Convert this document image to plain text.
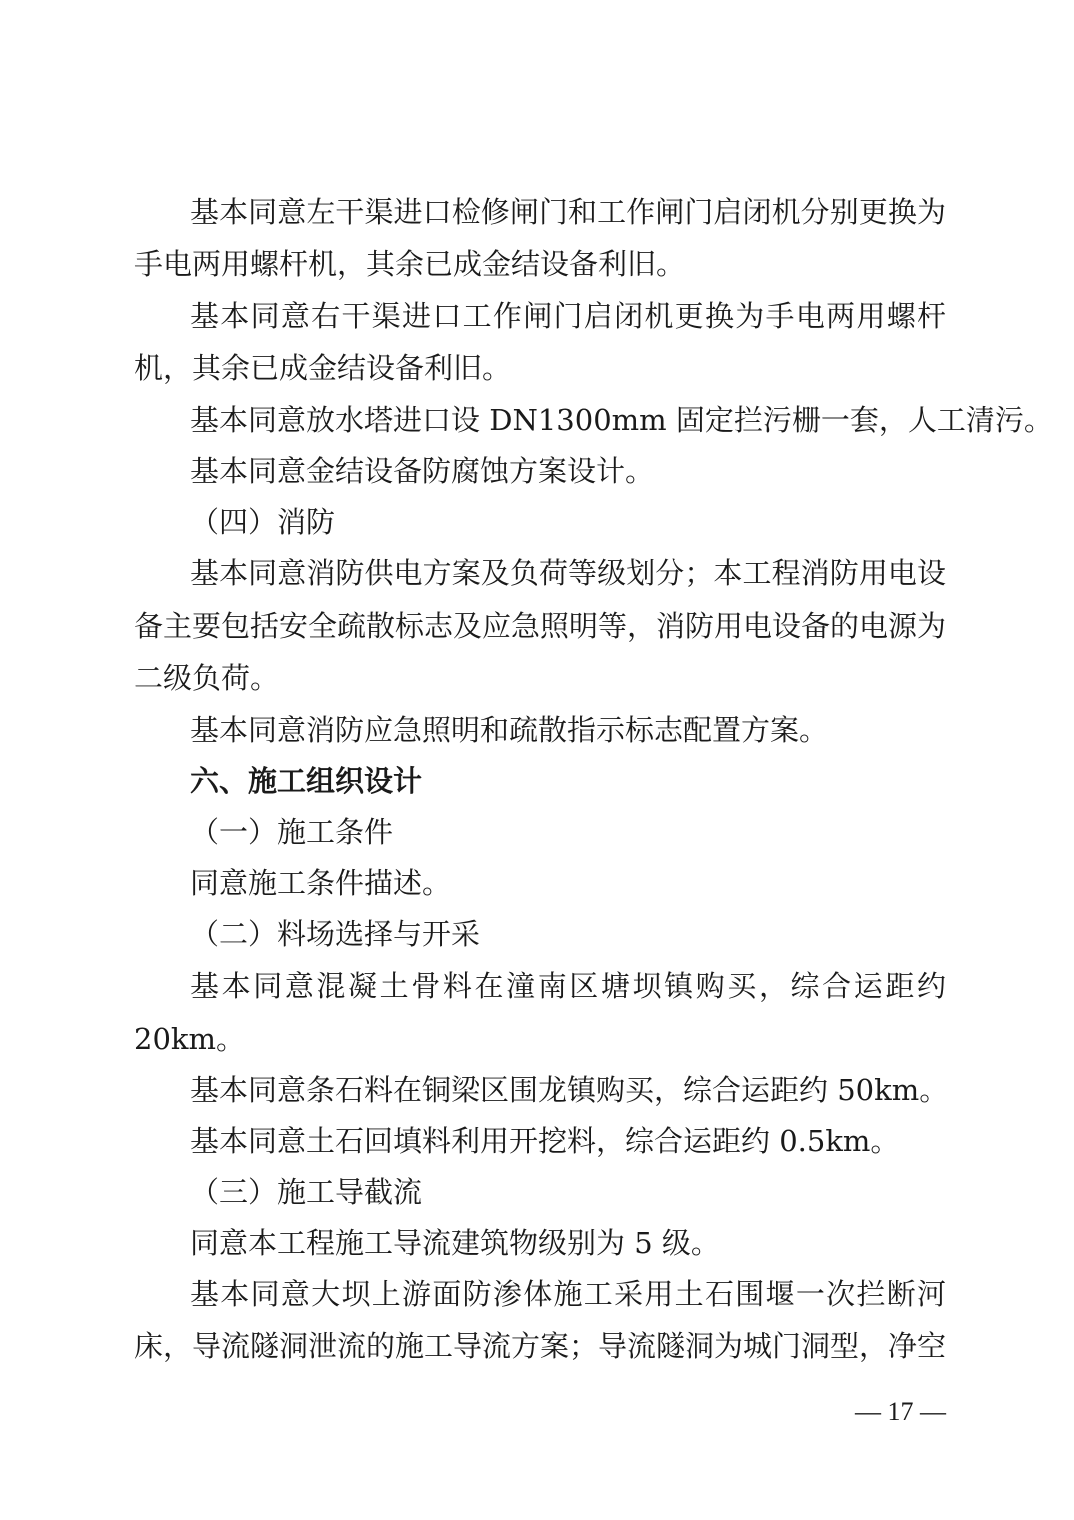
基本同意左干渠进口检修闸门和工作闸门启闭机分别更换为
手电两用螺杆机，其余已成金结设备利旧。
基本同意右干渠进口工作闸门启闭机更换为手电两用螺杆
机，其余已成金结设备利旧。
基本同意放水塔进口设 DN1300mm 固定拦污栅一套，人工清污。
基本同意金结设备防腐蚀方案设计。
（四）消防
基本同意消防供电方案及负荷等级划分；本工程消防用电设
备主要包括安全疏散标志及应急照明等，消防用电设备的电源为
二级负荷。
基本同意消防应急照明和疏散指示标志配置方案。
六、施工组织设计
（一）施工条件
同意施工条件描述。
（二）料场选择与开采
基本同意混凝土骨料在潼南区塘坝镇购买，综合运距约
20km。
基本同意条石料在铜梁区围龙镇购买，综合运距约 50km。
基本同意土石回填料利用开挖料，综合运距约 0.5km。
（三）施工导截流
同意本工程施工导流建筑物级别为 5 级。
基本同意大坝上游面防渗体施工采用土石围堰一次拦断河
床，导流隧洞泄流的施工导流方案；导流隧洞为城门洞型，净空
— 17 —
